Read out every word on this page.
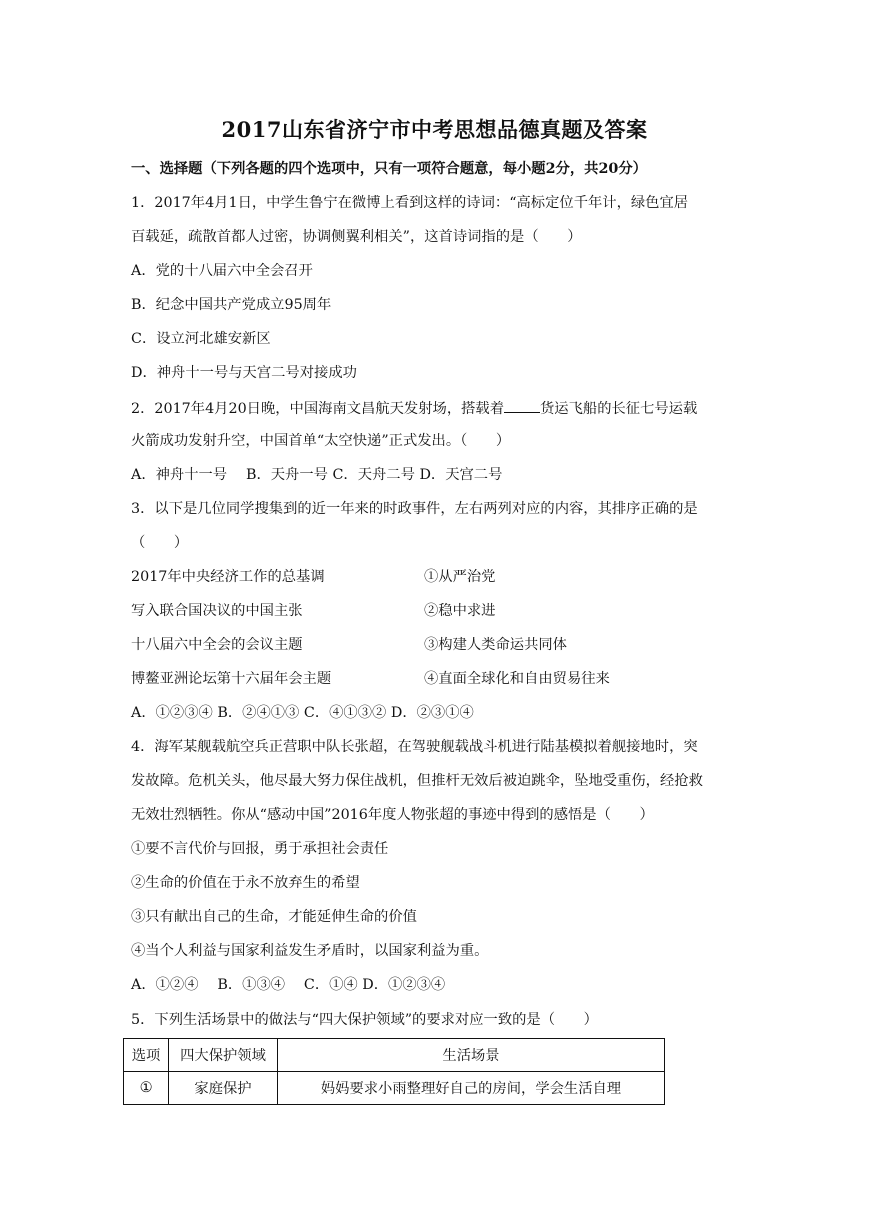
2017山东省济宁市中考思想品德真题及答案
一、选择题（下列各题的四个选项中，只有一项符合题意，每小题2分，共20分）
1．2017年4月1日，中学生鲁宁在微博上看到这样的诗词：“高标定位千年计，绿色宜居
百载延，疏散首都人过密，协调侧翼利相关”，这首诗词指的是（　　）
A．党的十八届六中全会召开
B．纪念中国共产党成立95周年
C．设立河北雄安新区
D．神舟十一号与天宫二号对接成功
2．2017年4月20日晚，中国海南文昌航天发射场，搭载着	货运飞船的长征七号运载
火箭成功发射升空，中国首单“太空快递”正式发出。（　　）
A．神舟十一号　 B．天舟一号 C．天舟二号 D．天宫二号
3．以下是几位同学搜集到的近一年来的时政事件，左右两列对应的内容，其排序正确的是
（　　）
2017年中央经济工作的总基调	①从严治党
写入联合国决议的中国主张	②稳中求进
十八届六中全会的会议主题	③构建人类命运共同体
博鳌亚洲论坛第十六届年会主题	④直面全球化和自由贸易往来
A．①②③④ B．②④①③ C．④①③② D．②③①④
4．海军某舰载航空兵正营职中队长张超，在驾驶舰载战斗机进行陆基模拟着舰接地时，突
发故障。危机关头，他尽最大努力保住战机，但推杆无效后被迫跳伞，坠地受重伤，经抢救
无效壮烈牺牲。你从“感动中国”2016年度人物张超的事迹中得到的感悟是（　　）
①要不言代价与回报，勇于承担社会责任
②生命的价值在于永不放弃生的希望
③只有献出自己的生命，才能延伸生命的价值
④当个人利益与国家利益发生矛盾时，以国家利益为重。
A．①②④　 B．①③④　 C．①④ D．①②③④
5．下列生活场景中的做法与“四大保护领域”的要求对应一致的是（　　）
选项	四大保护领域	生活场景
①	家庭保护	妈妈要求小雨整理好自己的房间，学会生活自理
